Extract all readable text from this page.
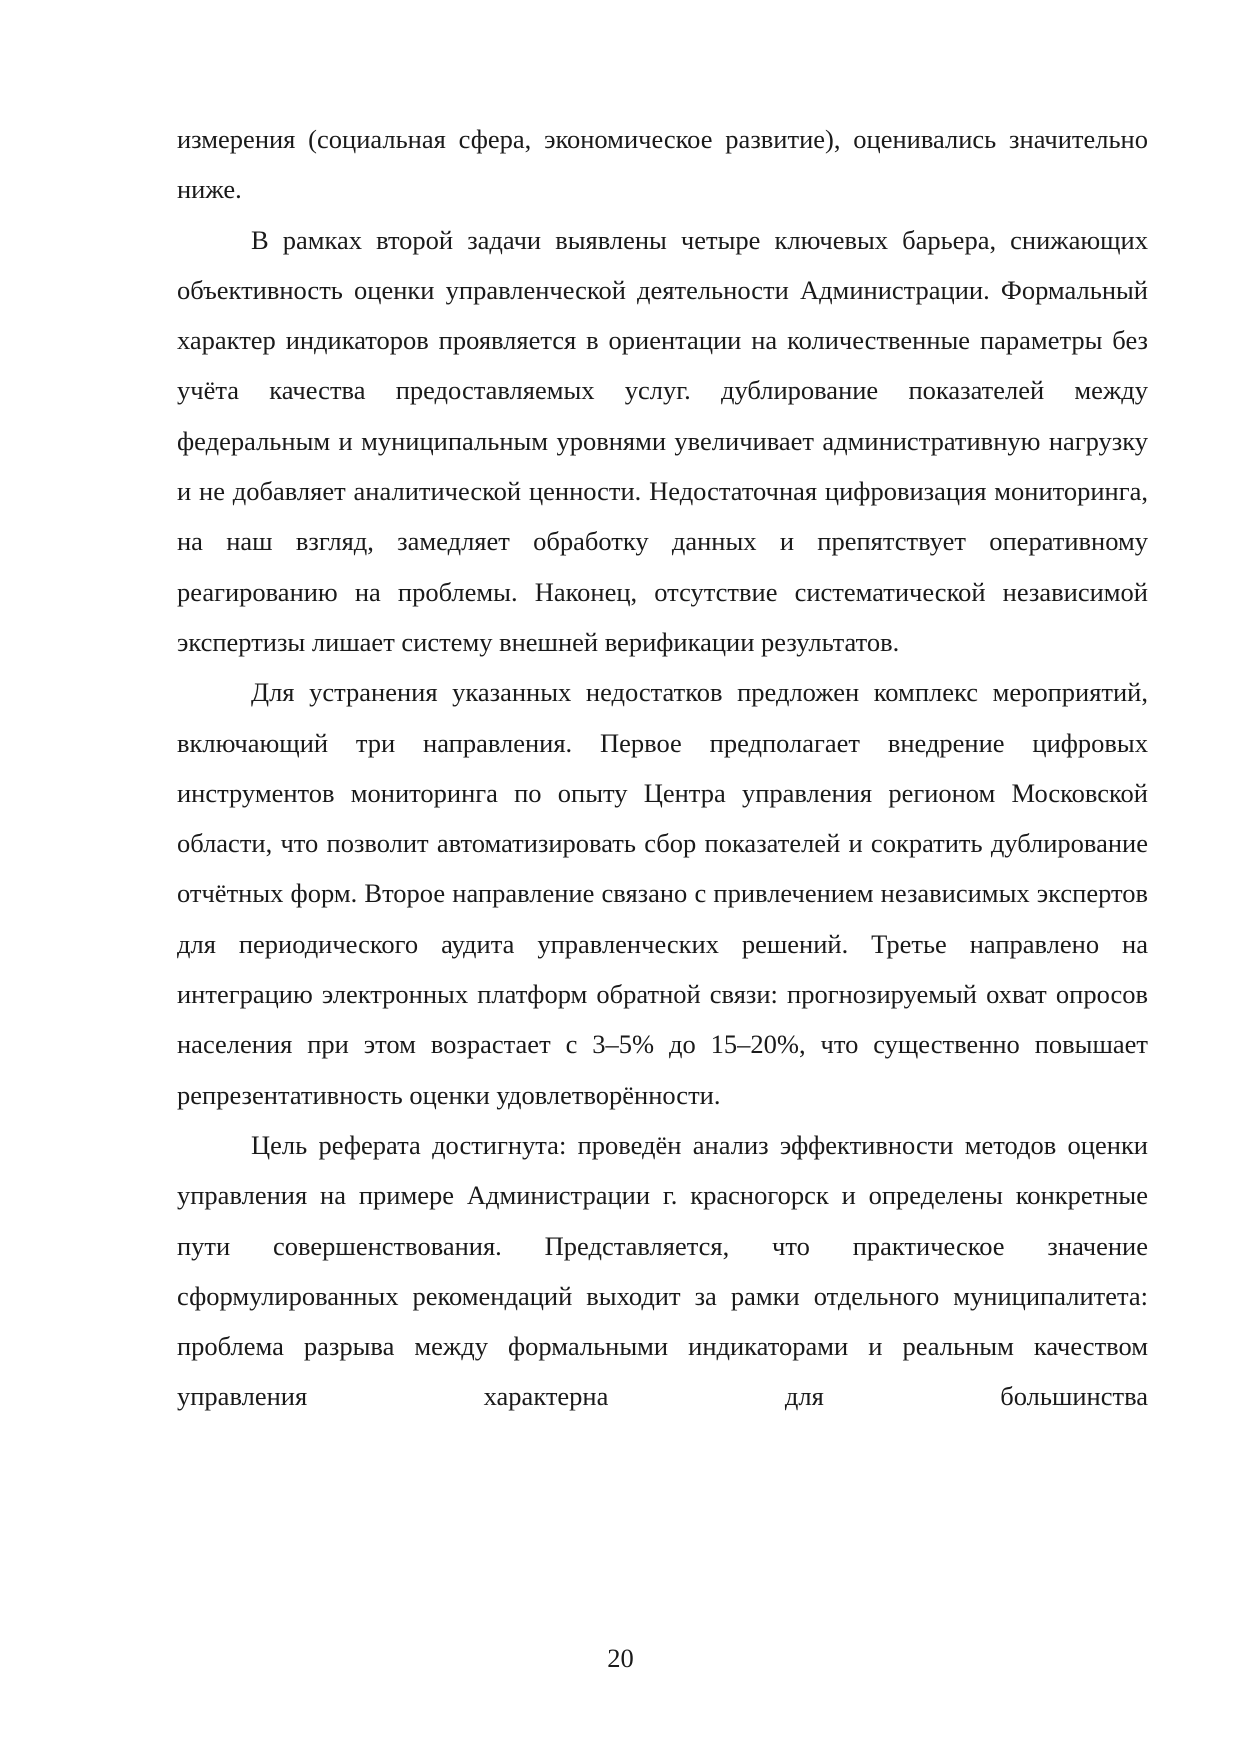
измерения (социальная сфера, экономическое развитие), оценивались значительно ниже.

В рамках второй задачи выявлены четыре ключевых барьера, снижающих объективность оценки управленческой деятельности Администрации. Формальный характер индикаторов проявляется в ориентации на количественные параметры без учёта качества предоставляемых услуг. дублирование показателей между федеральным и муниципальным уровнями увеличивает административную нагрузку и не добавляет аналитической ценности. Недостаточная цифровизация мониторинга, на наш взгляд, замедляет обработку данных и препятствует оперативному реагированию на проблемы. Наконец, отсутствие систематической независимой экспертизы лишает систему внешней верификации результатов.

Для устранения указанных недостатков предложен комплекс мероприятий, включающий три направления. Первое предполагает внедрение цифровых инструментов мониторинга по опыту Центра управления регионом Московской области, что позволит автоматизировать сбор показателей и сократить дублирование отчётных форм. Второе направление связано с привлечением независимых экспертов для периодического аудита управленческих решений. Третье направлено на интеграцию электронных платформ обратной связи: прогнозируемый охват опросов населения при этом возрастает с 3–5% до 15–20%, что существенно повышает репрезентативность оценки удовлетворённости.

Цель реферата достигнута: проведён анализ эффективности методов оценки управления на примере Администрации г. красногорск и определены конкретные пути совершенствования. Представляется, что практическое значение сформулированных рекомендаций выходит за рамки отдельного муниципалитета: проблема разрыва между формальными индикаторами и реальным качеством управления характерна для большинства

20
